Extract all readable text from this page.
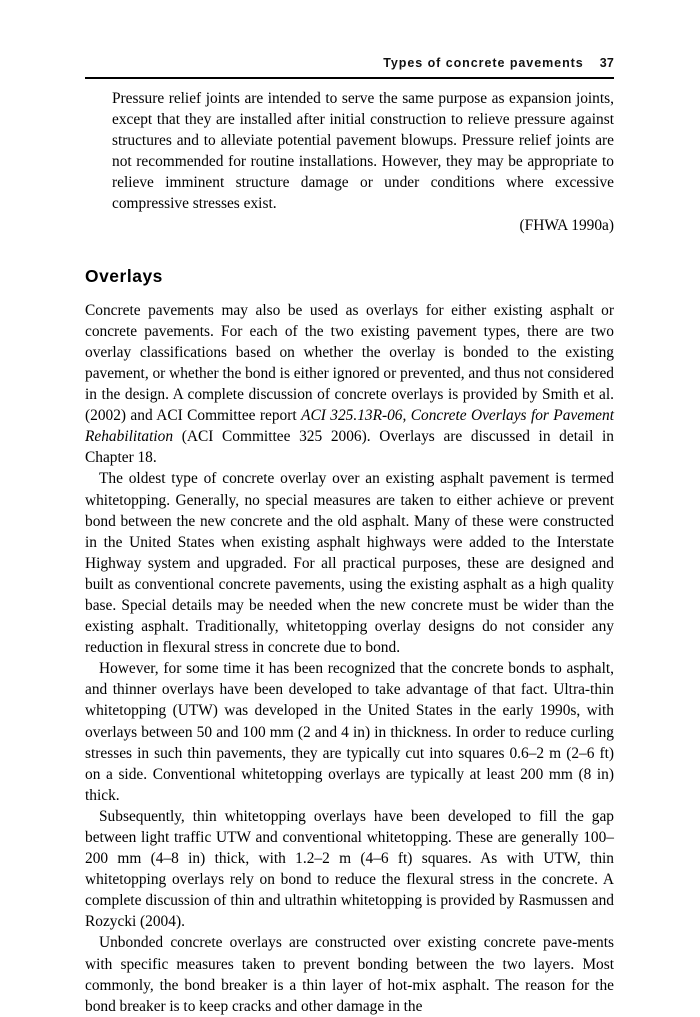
Types of concrete pavements 37

Pressure relief joints are intended to serve the same purpose as expansion joints, except that they are installed after initial construction to relieve pressure against structures and to alleviate potential pavement blowups. Pressure relief joints are not recommended for routine installations. However, they may be appropriate to relieve imminent structure damage or under conditions where excessive compressive stresses exist.

(FHWA 1990a)

Overlays

Concrete pavements may also be used as overlays for either existing asphalt or concrete pavements. For each of the two existing pavement types, there are two overlay classifications based on whether the overlay is bonded to the existing pavement, or whether the bond is either ignored or prevented, and thus not considered in the design. A complete discussion of concrete overlays is provided by Smith et al. (2002) and ACI Committee report ACI 325.13R-06, Concrete Overlays for Pavement Rehabilitation (ACI Committee 325 2006). Overlays are discussed in detail in Chapter 18.

The oldest type of concrete overlay over an existing asphalt pavement is termed whitetopping. Generally, no special measures are taken to either achieve or prevent bond between the new concrete and the old asphalt. Many of these were constructed in the United States when existing asphalt highways were added to the Interstate Highway system and upgraded. For all practical purposes, these are designed and built as conventional concrete pavements, using the existing asphalt as a high quality base. Special details may be needed when the new concrete must be wider than the existing asphalt. Traditionally, whitetopping overlay designs do not consider any reduction in flexural stress in concrete due to bond.

However, for some time it has been recognized that the concrete bonds to asphalt, and thinner overlays have been developed to take advantage of that fact. Ultra-thin whitetopping (UTW) was developed in the United States in the early 1990s, with overlays between 50 and 100 mm (2 and 4 in) in thickness. In order to reduce curling stresses in such thin pavements, they are typically cut into squares 0.6–2 m (2–6 ft) on a side. Conventional whitetopping overlays are typically at least 200 mm (8 in) thick.

Subsequently, thin whitetopping overlays have been developed to fill the gap between light traffic UTW and conventional whitetopping. These are generally 100–200 mm (4–8 in) thick, with 1.2–2 m (4–6 ft) squares. As with UTW, thin whitetopping overlays rely on bond to reduce the flexural stress in the concrete. A complete discussion of thin and ultrathin whitetopping is provided by Rasmussen and Rozycki (2004).

Unbonded concrete overlays are constructed over existing concrete pave-ments with specific measures taken to prevent bonding between the two layers. Most commonly, the bond breaker is a thin layer of hot-mix asphalt. The reason for the bond breaker is to keep cracks and other damage in the
